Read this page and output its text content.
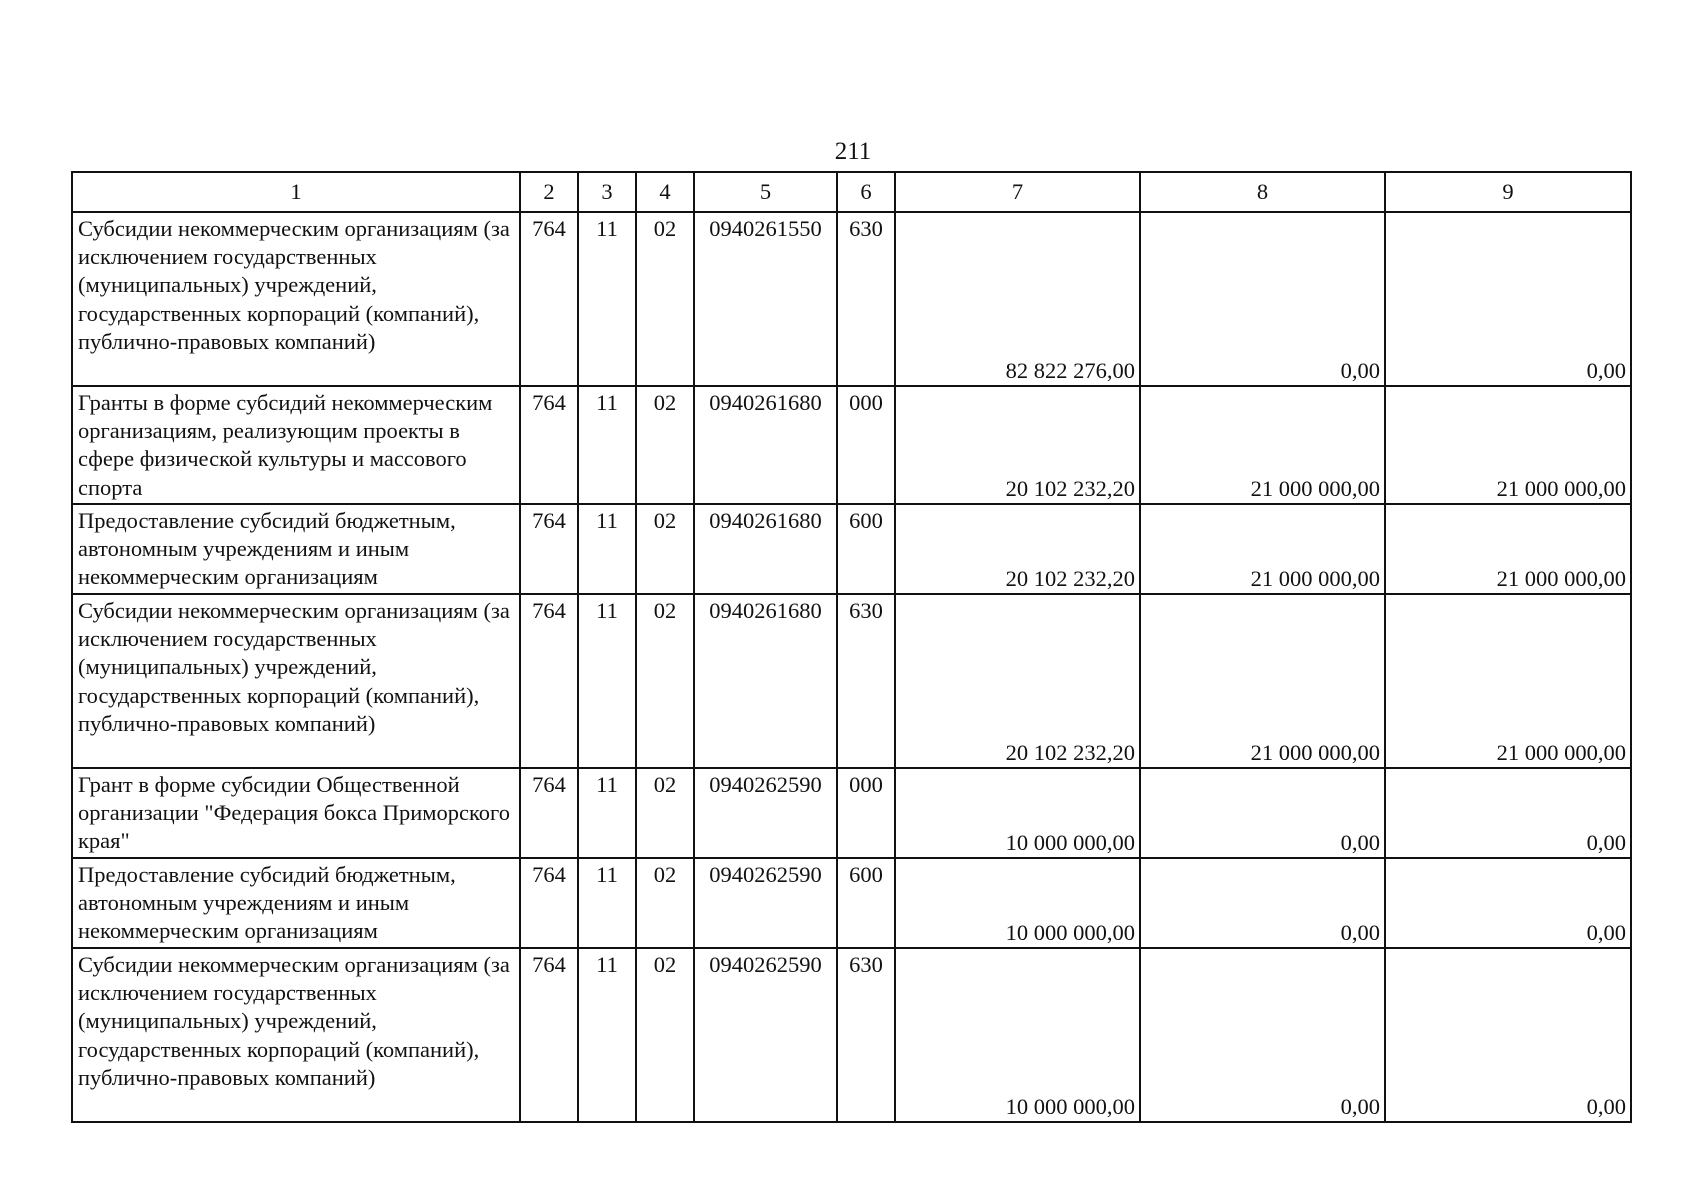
211
1	2	3	4	5	6	7	8	9
Субсидии некоммерческим организациям (за исключением государственных (муниципальных) учреждений, государственных корпораций (компаний), публично-правовых компаний)	764	11	02	0940261550	630	82 822 276,00	0,00	0,00
Гранты в форме субсидий некоммерческим организациям, реализующим проекты в сфере физической культуры и массового спорта	764	11	02	0940261680	000	20 102 232,20	21 000 000,00	21 000 000,00
Предоставление субсидий бюджетным, автономным учреждениям и иным некоммерческим организациям	764	11	02	0940261680	600	20 102 232,20	21 000 000,00	21 000 000,00
Субсидии некоммерческим организациям (за исключением государственных (муниципальных) учреждений, государственных корпораций (компаний), публично-правовых компаний)	764	11	02	0940261680	630	20 102 232,20	21 000 000,00	21 000 000,00
Грант в форме субсидии Общественной организации "Федерация бокса Приморского края"	764	11	02	0940262590	000	10 000 000,00	0,00	0,00
Предоставление субсидий бюджетным, автономным учреждениям и иным некоммерческим организациям	764	11	02	0940262590	600	10 000 000,00	0,00	0,00
Субсидии некоммерческим организациям (за исключением государственных (муниципальных) учреждений, государственных корпораций (компаний), публично-правовых компаний)	764	11	02	0940262590	630	10 000 000,00	0,00	0,00
